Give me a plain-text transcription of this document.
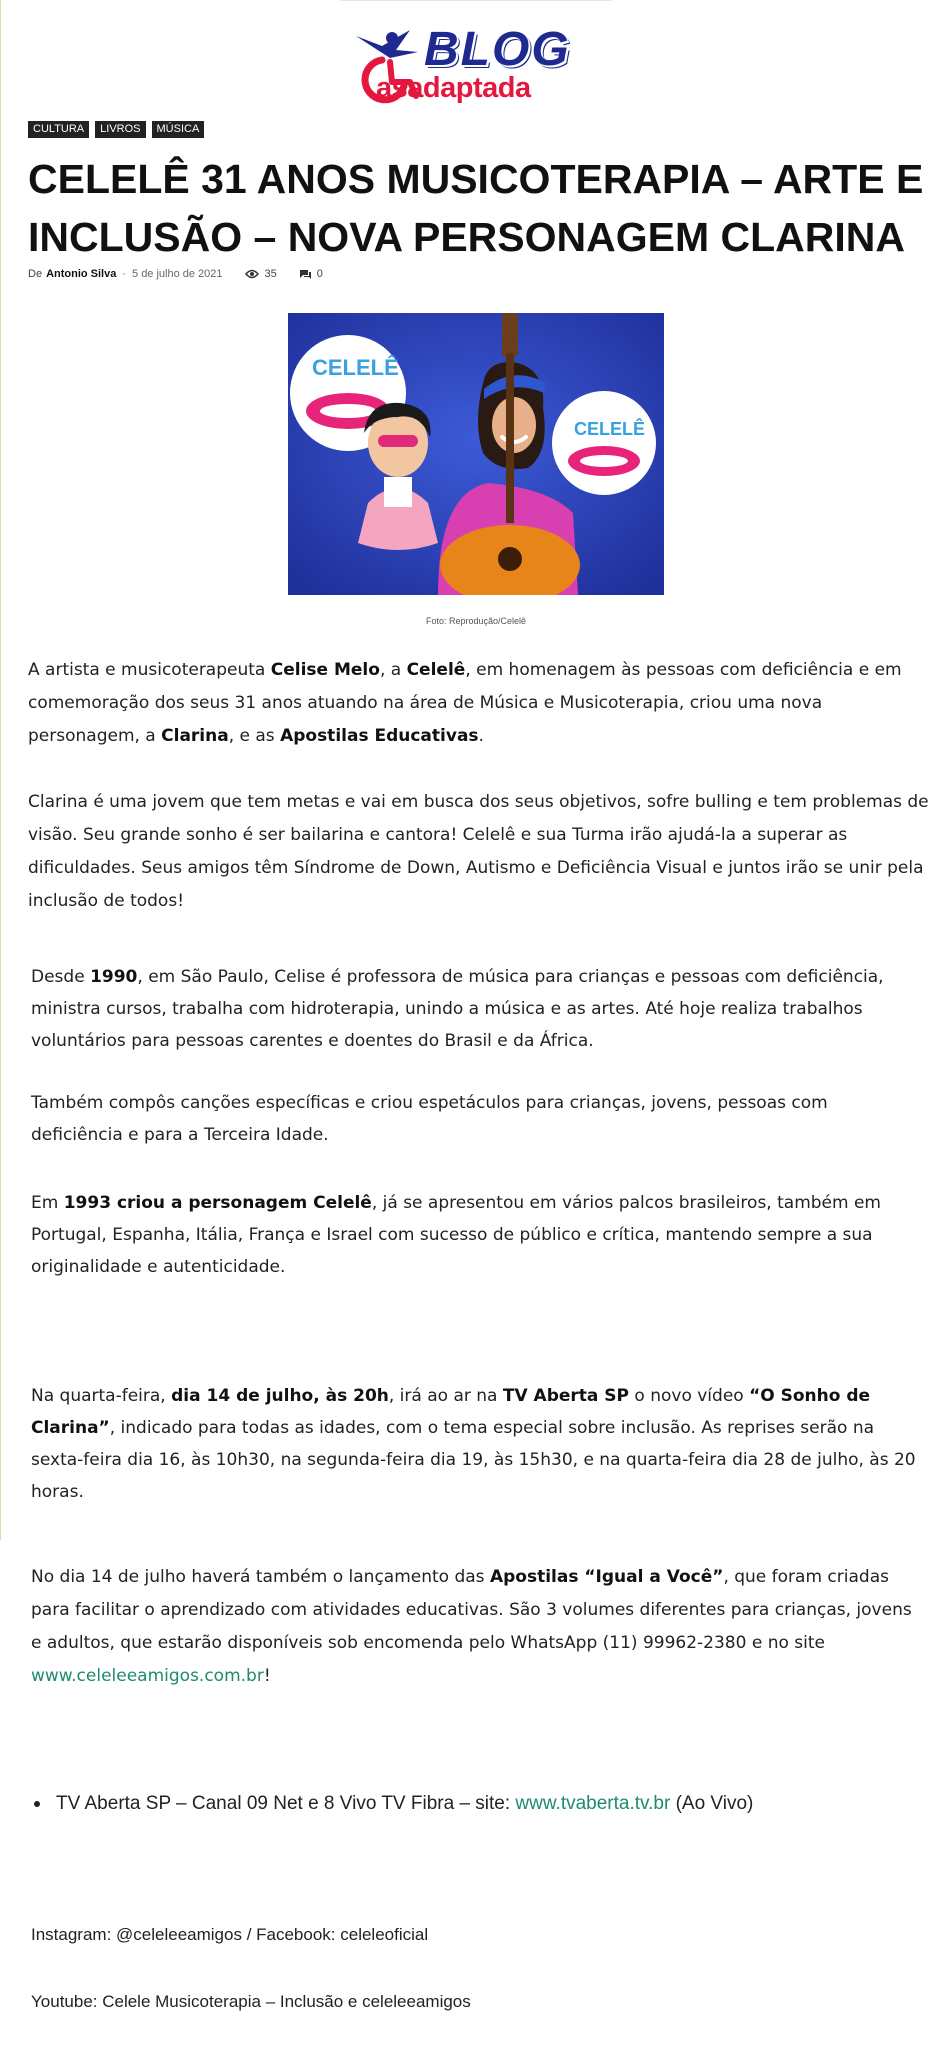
BLOG
asadaptada
CULTURA	LIVROS	MÚSICA
CELELÊ 31 ANOS MUSICOTERAPIA – ARTE E INCLUSÃO – NOVA PERSONAGEM CLARINA
De Antonio Silva - 5 de julho de 2021	35	0
CELELÊ
CELELÊ
Foto: Reprodução/Celelê

A artista e musicoterapeuta Celise Melo, a Celelê, em homenagem às pessoas com deficiência e em comemoração dos seus 31 anos atuando na área de Música e Musicoterapia, criou uma nova personagem, a Clarina, e as Apostilas Educativas.

Clarina é uma jovem que tem metas e vai em busca dos seus objetivos, sofre bulling e tem problemas de visão. Seu grande sonho é ser bailarina e cantora! Celelê e sua Turma irão ajudá-la a superar as dificuldades. Seus amigos têm Síndrome de Down, Autismo e Deficiência Visual e juntos irão se unir pela inclusão de todos!

Desde 1990, em São Paulo, Celise é professora de música para crianças e pessoas com deficiência, ministra cursos, trabalha com hidroterapia, unindo a música e as artes. Até hoje realiza trabalhos voluntários para pessoas carentes e doentes do Brasil e da África.

Também compôs canções específicas e criou espetáculos para crianças, jovens, pessoas com deficiência e para a Terceira Idade.

Em 1993 criou a personagem Celelê, já se apresentou em vários palcos brasileiros, também em Portugal, Espanha, Itália, França e Israel com sucesso de público e crítica, mantendo sempre a sua originalidade e autenticidade.

Na quarta-feira, dia 14 de julho, às 20h, irá ao ar na TV Aberta SP o novo vídeo “O Sonho de Clarina”, indicado para todas as idades, com o tema especial sobre inclusão. As reprises serão na sexta-feira dia 16, às 10h30, na segunda-feira dia 19, às 15h30, e na quarta-feira dia 28 de julho, às 20 horas.

No dia 14 de julho haverá também o lançamento das Apostilas “Igual a Você”, que foram criadas para facilitar o aprendizado com atividades educativas. São 3 volumes diferentes para crianças, jovens e adultos, que estarão disponíveis sob encomenda pelo WhatsApp (11) 99962-2380 e no site www.celeleeamigos.com.br!

TV Aberta SP – Canal 09 Net e 8 Vivo TV Fibra – site: www.tvaberta.tv.br (Ao Vivo)

Instagram: @celeleeamigos / Facebook: celeleoficial

Youtube: Celele Musicoterapia – Inclusão e celeleeamigos
